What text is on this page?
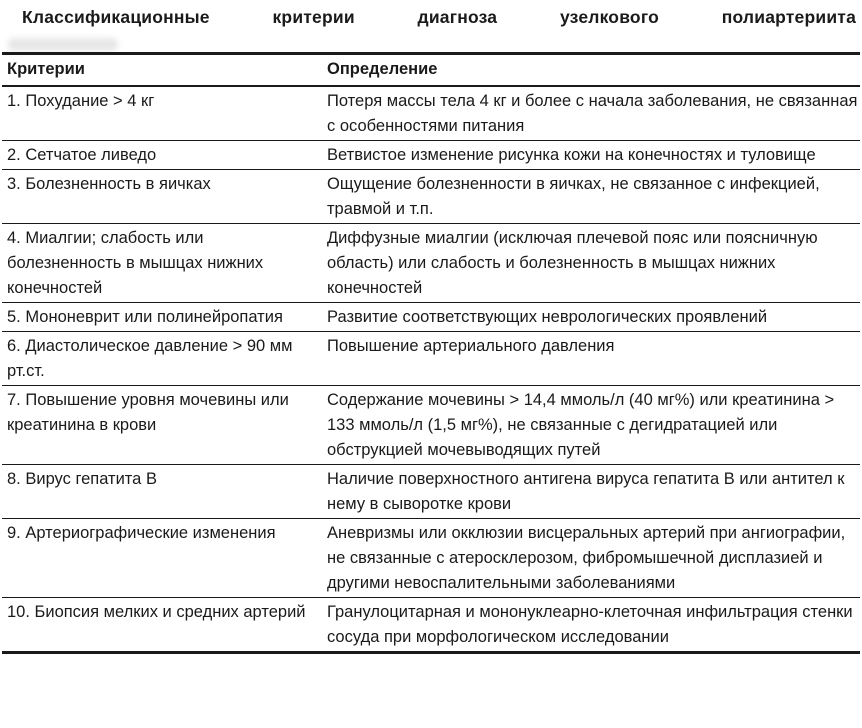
Классификационные критерии диагноза узелкового полиартериита
Критерии	Определение
1. Похудание > 4 кг	Потеря массы тела 4 кг и более с начала заболевания, не связанная с особенностями питания
2. Сетчатое ливедо	Ветвистое изменение рисунка кожи на конечностях и туловище
3. Болезненность в яичках	Ощущение болезненности в яичках, не связанное с инфекцией, травмой и т.п.
4. Миалгии; слабость или болезненность в мышцах нижних конечностей	Диффузные миалгии (исключая плечевой пояс или поясничную область) или слабость и болезненность в мышцах нижних конечностей
5. Мононеврит или полинейропатия	Развитие соответствующих неврологических проявлений
6. Диастолическое давление > 90 мм рт.ст.	Повышение артериального давления
7. Повышение уровня мочевины или креатинина в крови	Содержание мочевины > 14,4 ммоль/л (40 мг%) или креатинина > 133 ммоль/л (1,5 мг%), не связанные с дегидратацией или обструкцией мочевыводящих путей
8. Вирус гепатита В	Наличие поверхностного антигена вируса гепатита В или антител к нему в сыворотке крови
9. Артериографические изменения	Аневризмы или окклюзии висцеральных артерий при ангиографии, не связанные с атеросклерозом, фибромышечной дисплазией и другими невоспалительными заболеваниями
10. Биопсия мелких и средних артерий	Гранулоцитарная и мононуклеарно-клеточная инфильтрация стенки сосуда при морфологическом исследовании
